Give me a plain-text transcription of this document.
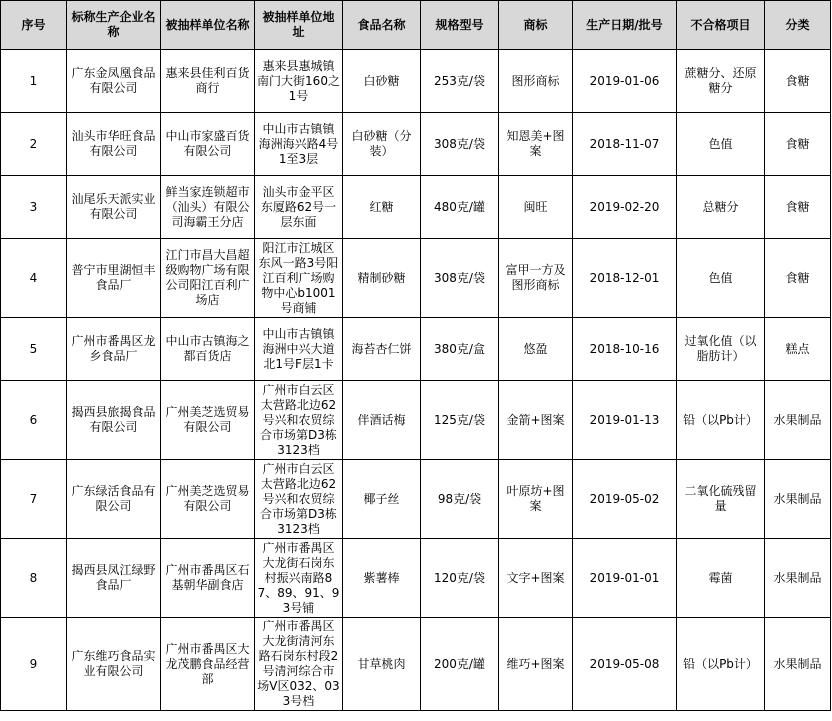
序号	标称生产企业名称	被抽样单位名称	被抽样单位地址	食品名称	规格型号	商标	生产日期/批号	不合格项目	分类
1	广东金凤凰食品有限公司	惠来县佳利百货商行	惠来县惠城镇南门大街160之1号	白砂糖	253克/袋	图形商标	2019-01-06	蔗糖分、还原糖分	食糖
2	汕头市华旺食品有限公司	中山市家盛百货有限公司	中山市古镇镇海洲海兴路4号1至3层	白砂糖（分装）	308克/袋	知恩美+图案	2018-11-07	色值	食糖
3	汕尾乐天派实业有限公司	鲜当家连锁超市（汕头）有限公司海霸王分店	汕头市金平区东厦路62号一层东面	红糖	480克/罐	闽旺	2019-02-20	总糖分	食糖
4	普宁市里湖恒丰食品厂	江门市昌大昌超级购物广场有限公司阳江百利广场店	阳江市江城区东风一路3号阳江百利广场购物中心b1001号商铺	精制砂糖	308克/袋	富甲一方及图形商标	2018-12-01	色值	食糖
5	广州市番禺区龙乡食品厂	中山市古镇海之都百货店	中山市古镇镇海洲中兴大道北1号F层1卡	海苔杏仁饼	380克/盒	悠盈	2018-10-16	过氧化值（以脂肪计）	糕点
6	揭西县旅揭食品有限公司	广州美芝选贸易有限公司	广州市白云区太营路北边62号兴和农贸综合市场第D3栋3123档	伴酒话梅	125克/袋	金箭+图案	2019-01-13	铅（以Pb计）	水果制品
7	广东绿活食品有限公司	广州美芝选贸易有限公司	广州市白云区太营路北边62号兴和农贸综合市场第D3栋3123档	椰子丝	98克/袋	叶原坊+图案	2019-05-02	二氧化硫残留量	水果制品
8	揭西县凤江绿野食品厂	广州市番禺区石基朝华副食店	广州市番禺区大龙街石岗东村振兴南路87、89、91、93号铺	紫薯棒	120克/袋	文字+图案	2019-01-01	霉菌	水果制品
9	广东维巧食品实业有限公司	广州市番禺区大龙茂鹏食品经营部	广州市番禺区大龙街清河东路石岗东村段2号清河综合市场V区032、033号档	甘草桃肉	200克/罐	维巧+图案	2019-05-08	铅（以Pb计）	水果制品
